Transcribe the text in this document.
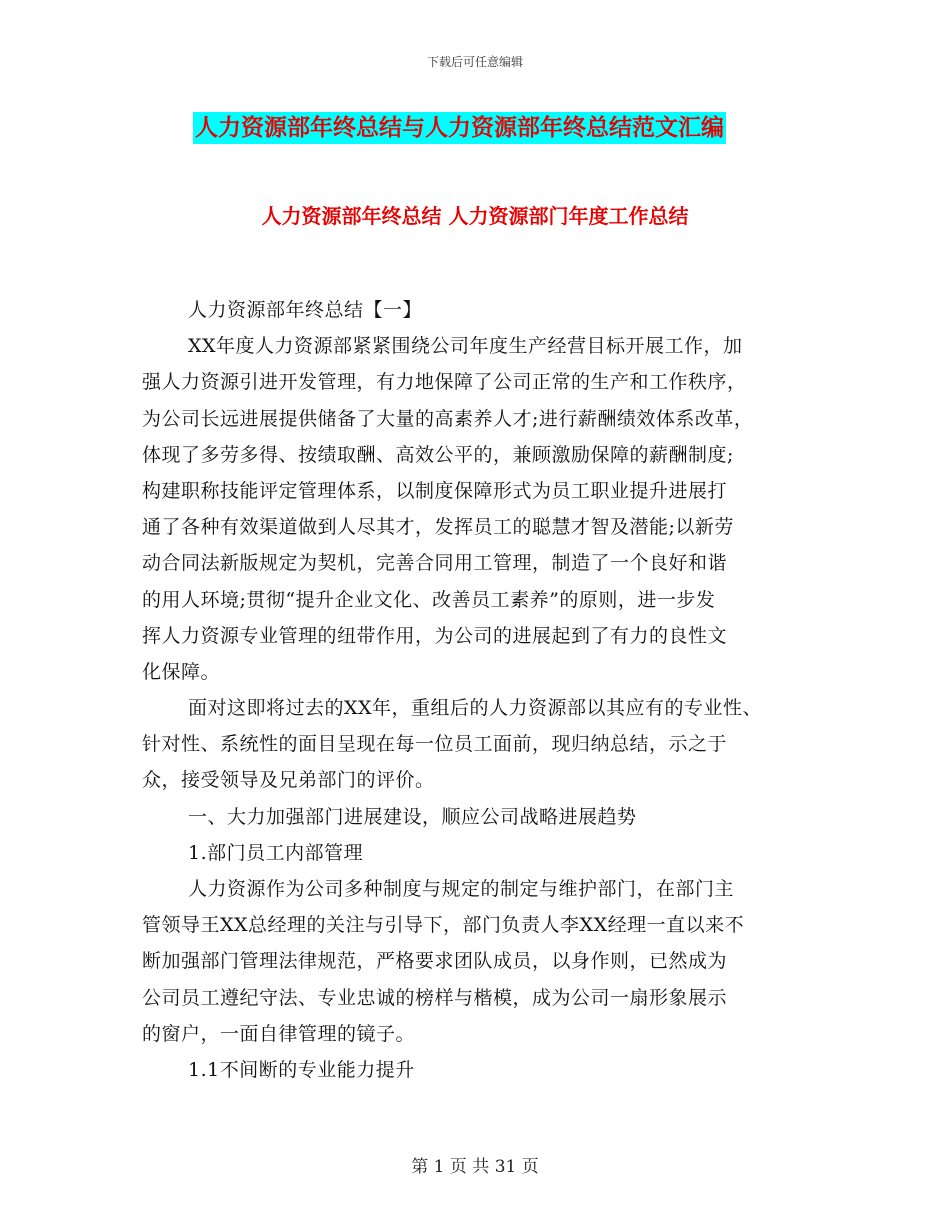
下载后可任意编辑
人力资源部年终总结与人力资源部年终总结范文汇编
人力资源部年终总结 人力资源部门年度工作总结
人力资源部年终总结【一】
XX年度人力资源部紧紧围绕公司年度生产经营目标开展工作，加
强人力资源引进开发管理，有力地保障了公司正常的生产和工作秩序，
为公司长远进展提供储备了大量的高素养人才;进行薪酬绩效体系改革，
体现了多劳多得、按绩取酬、高效公平的，兼顾激励保障的薪酬制度;
构建职称技能评定管理体系，以制度保障形式为员工职业提升进展打
通了各种有效渠道做到人尽其才，发挥员工的聪慧才智及潜能;以新劳
动合同法新版规定为契机，完善合同用工管理，制造了一个良好和谐
的用人环境;贯彻“提升企业文化、改善员工素养”的原则，进一步发
挥人力资源专业管理的纽带作用，为公司的进展起到了有力的良性文
化保障。
面对这即将过去的XX年，重组后的人力资源部以其应有的专业性、
针对性、系统性的面目呈现在每一位员工面前，现归纳总结，示之于
众，接受领导及兄弟部门的评价。
一、大力加强部门进展建设，顺应公司战略进展趋势
1.部门员工内部管理
人力资源作为公司多种制度与规定的制定与维护部门，在部门主
管领导王XX总经理的关注与引导下，部门负责人李XX经理一直以来不
断加强部门管理法律规范，严格要求团队成员，以身作则，已然成为
公司员工遵纪守法、专业忠诚的榜样与楷模，成为公司一扇形象展示
的窗户，一面自律管理的镜子。
1.1不间断的专业能力提升
第 1 页 共 31 页
